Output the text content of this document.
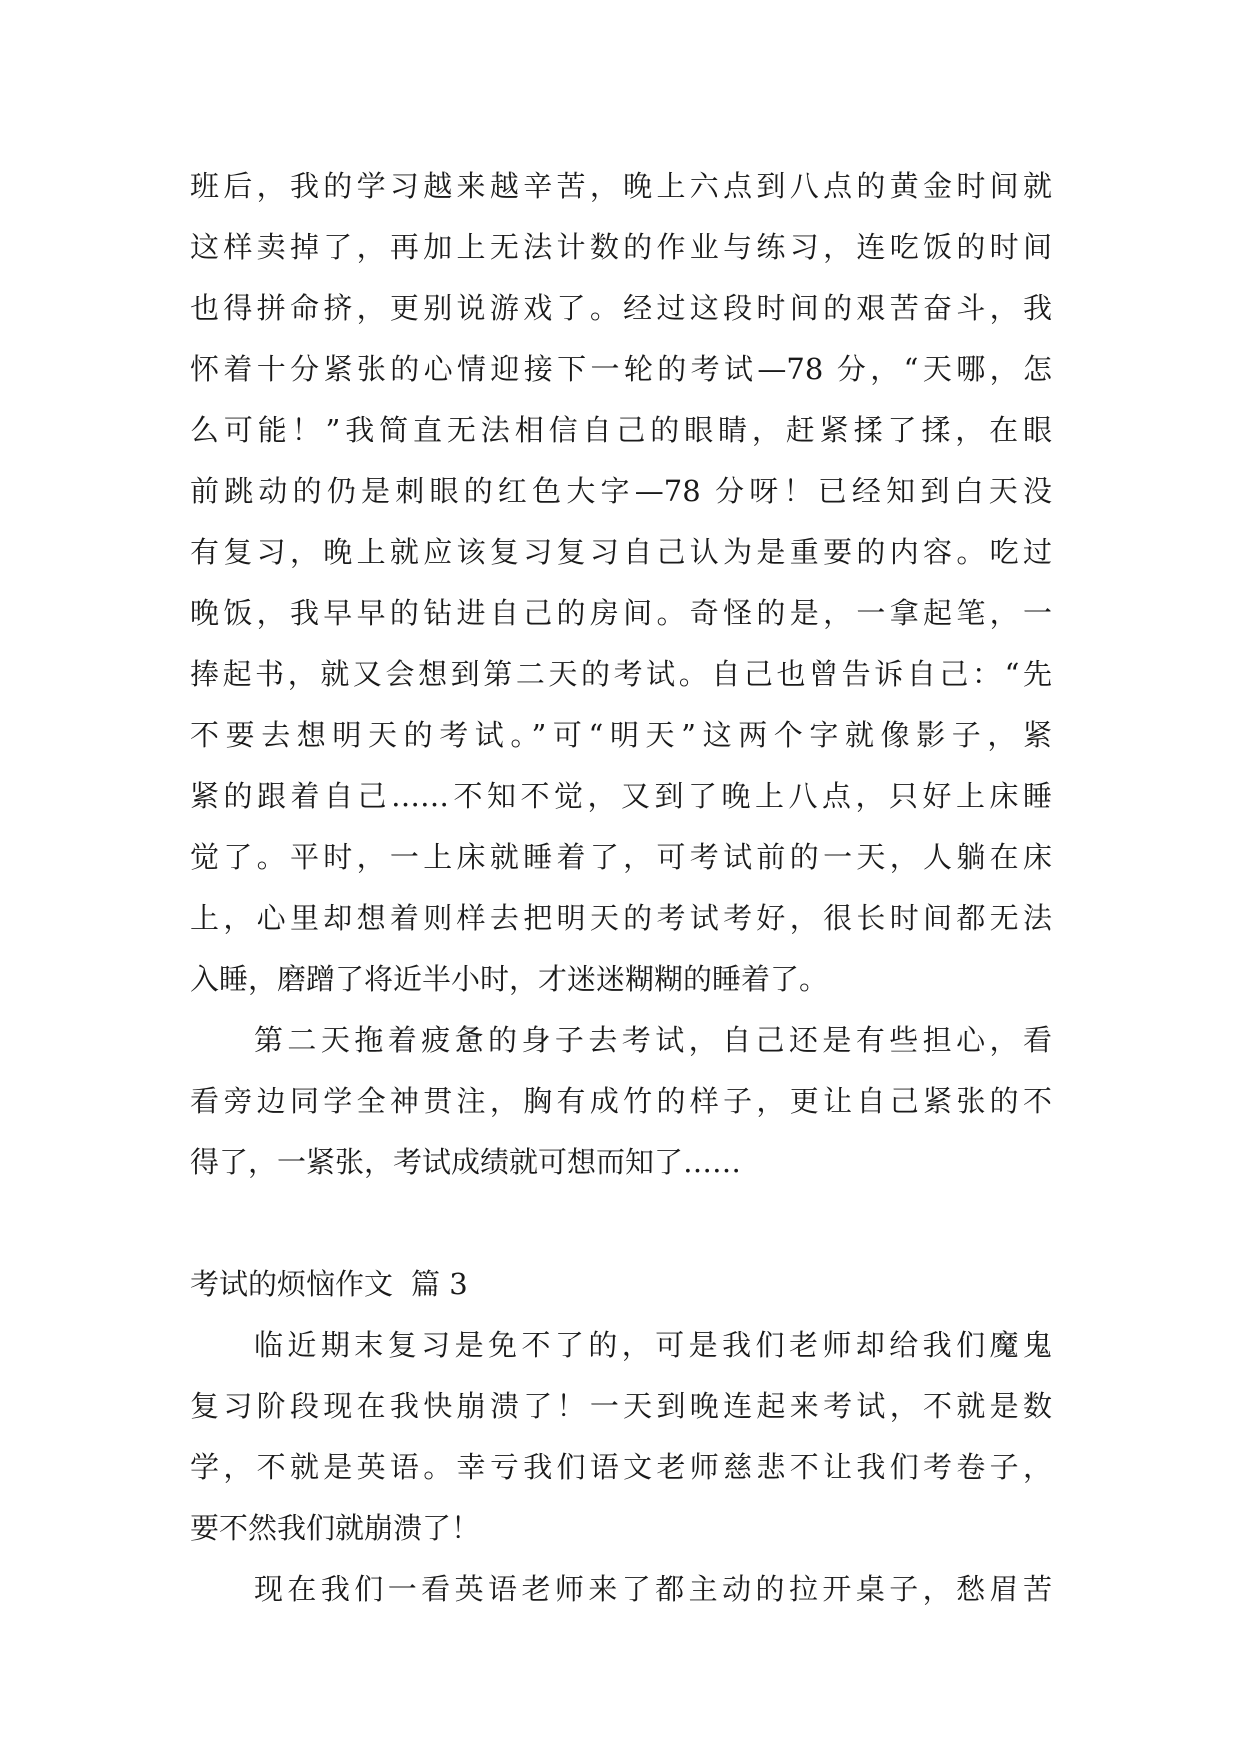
班后，我的学习越来越辛苦，晚上六点到八点的黄金时间就
这样卖掉了，再加上无法计数的作业与练习，连吃饭的时间
也得拼命挤，更别说游戏了。经过这段时间的艰苦奋斗，我
怀着十分紧张的心情迎接下一轮的考试—78 分，“天哪，怎
么可能！”我简直无法相信自己的眼睛，赶紧揉了揉，在眼
前跳动的仍是刺眼的红色大字—78 分呀！已经知到白天没
有复习，晚上就应该复习复习自己认为是重要的内容。吃过
晚饭，我早早的钻进自己的房间。奇怪的是，一拿起笔，一
捧起书，就又会想到第二天的考试。自己也曾告诉自己：“先
不要去想明天的考试。”可“明天”这两个字就像影子，紧
紧的跟着自己……不知不觉，又到了晚上八点，只好上床睡
觉了。平时，一上床就睡着了，可考试前的一天，人躺在床
上，心里却想着则样去把明天的考试考好，很长时间都无法
入睡，磨蹭了将近半小时，才迷迷糊糊的睡着了。
第二天拖着疲惫的身子去考试，自己还是有些担心，看
看旁边同学全神贯注，胸有成竹的样子，更让自己紧张的不
得了，一紧张，考试成绩就可想而知了……
考试的烦恼作文 篇 3
临近期末复习是免不了的，可是我们老师却给我们魔鬼
复习阶段现在我快崩溃了！一天到晚连起来考试，不就是数
学，不就是英语。幸亏我们语文老师慈悲不让我们考卷子，
要不然我们就崩溃了！
现在我们一看英语老师来了都主动的拉开桌子，愁眉苦
